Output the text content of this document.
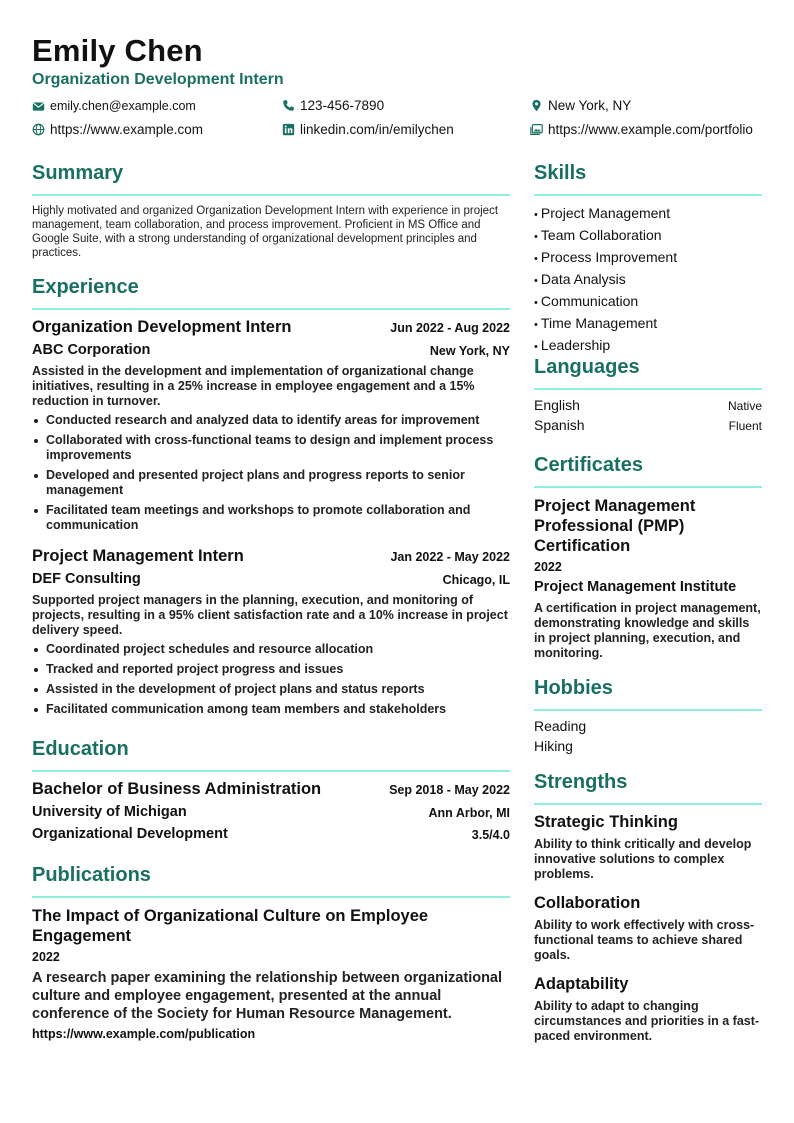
Emily Chen
Organization Development Intern
emily.chen@example.com	123-456-7890	New York, NY
https://www.example.com	linkedin.com/in/emilychen	https://www.example.com/portfolio
Summary
Highly motivated and organized Organization Development Intern with experience in project management, team collaboration, and process improvement. Proficient in MS Office and Google Suite, with a strong understanding of organizational development principles and practices.
Experience
Organization Development Intern	Jun 2022 - Aug 2022
ABC Corporation	New York, NY
Assisted in the development and implementation of organizational change initiatives, resulting in a 25% increase in employee engagement and a 15% reduction in turnover.
Conducted research and analyzed data to identify areas for improvement
Collaborated with cross-functional teams to design and implement process improvements
Developed and presented project plans and progress reports to senior management
Facilitated team meetings and workshops to promote collaboration and communication
Project Management Intern	Jan 2022 - May 2022
DEF Consulting	Chicago, IL
Supported project managers in the planning, execution, and monitoring of projects, resulting in a 95% client satisfaction rate and a 10% increase in project delivery speed.
Coordinated project schedules and resource allocation
Tracked and reported project progress and issues
Assisted in the development of project plans and status reports
Facilitated communication among team members and stakeholders
Education
Bachelor of Business Administration	Sep 2018 - May 2022
University of Michigan	Ann Arbor, MI
Organizational Development	3.5/4.0
Publications
The Impact of Organizational Culture on Employee Engagement
2022
A research paper examining the relationship between organizational culture and employee engagement, presented at the annual conference of the Society for Human Resource Management.
https://www.example.com/publication
Skills
• Project Management
• Team Collaboration
• Process Improvement
• Data Analysis
• Communication
• Time Management
• Leadership
Languages
English	Native
Spanish	Fluent
Certificates
Project Management Professional (PMP) Certification
2022
Project Management Institute
A certification in project management, demonstrating knowledge and skills in project planning, execution, and monitoring.
Hobbies
Reading
Hiking
Strengths
Strategic Thinking
Ability to think critically and develop innovative solutions to complex problems.
Collaboration
Ability to work effectively with cross-functional teams to achieve shared goals.
Adaptability
Ability to adapt to changing circumstances and priorities in a fast-paced environment.
